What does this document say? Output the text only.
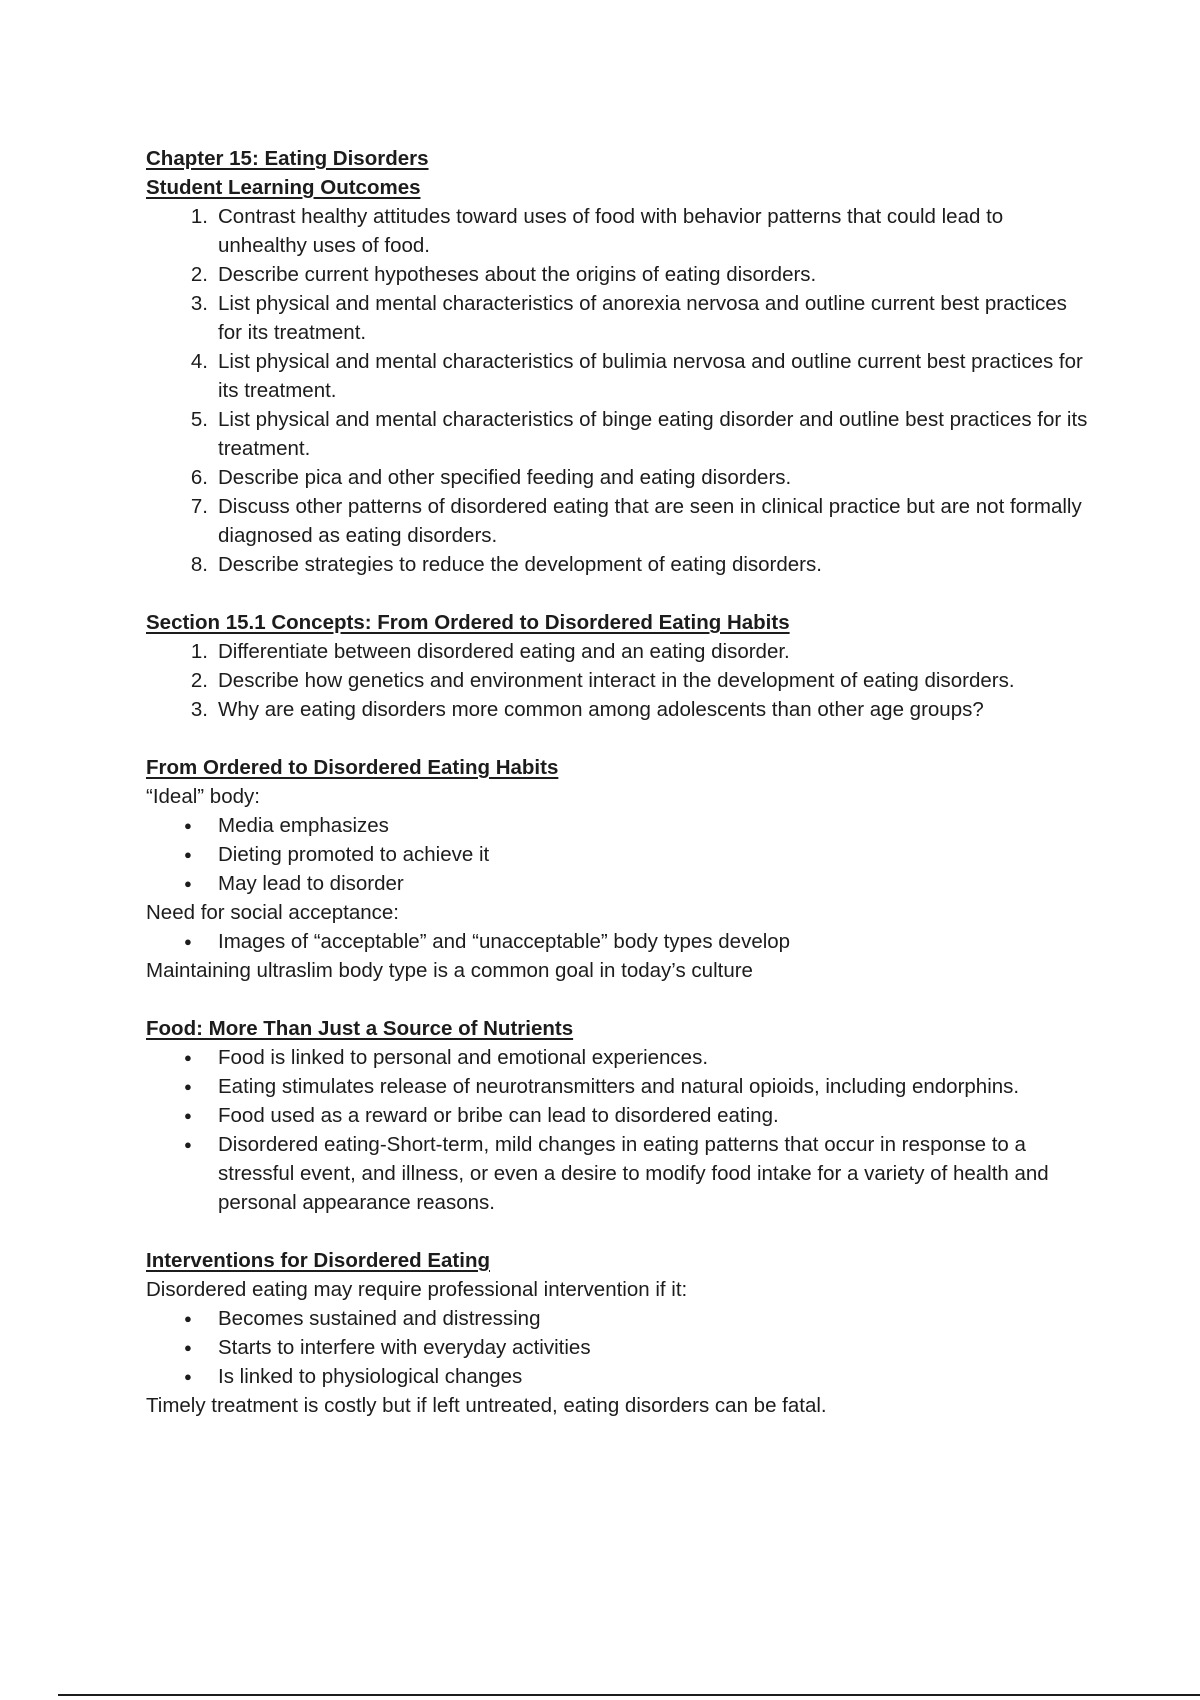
Chapter 15: Eating Disorders

Student Learning Outcomes

1. Contrast healthy attitudes toward uses of food with behavior patterns that could lead to unhealthy uses of food.
2. Describe current hypotheses about the origins of eating disorders.
3. List physical and mental characteristics of anorexia nervosa and outline current best practices for its treatment.
4. List physical and mental characteristics of bulimia nervosa and outline current best practices for its treatment.
5. List physical and mental characteristics of binge eating disorder and outline best practices for its treatment.
6. Describe pica and other specified feeding and eating disorders.
7. Discuss other patterns of disordered eating that are seen in clinical practice but are not formally diagnosed as eating disorders.
8. Describe strategies to reduce the development of eating disorders.

Section 15.1 Concepts: From Ordered to Disordered Eating Habits

1. Differentiate between disordered eating and an eating disorder.
2. Describe how genetics and environment interact in the development of eating disorders.
3. Why are eating disorders more common among adolescents than other age groups?

From Ordered to Disordered Eating Habits

“Ideal” body:

● Media emphasizes
● Dieting promoted to achieve it
● May lead to disorder

Need for social acceptance:

● Images of “acceptable” and “unacceptable” body types develop

Maintaining ultraslim body type is a common goal in today’s culture

Food: More Than Just a Source of Nutrients

● Food is linked to personal and emotional experiences.
● Eating stimulates release of neurotransmitters and natural opioids, including endorphins.
● Food used as a reward or bribe can lead to disordered eating.
● Disordered eating-Short-term, mild changes in eating patterns that occur in response to a stressful event, and illness, or even a desire to modify food intake for a variety of health and personal appearance reasons.

Interventions for Disordered Eating

Disordered eating may require professional intervention if it:

● Becomes sustained and distressing
● Starts to interfere with everyday activities
● Is linked to physiological changes

Timely treatment is costly but if left untreated, eating disorders can be fatal.
